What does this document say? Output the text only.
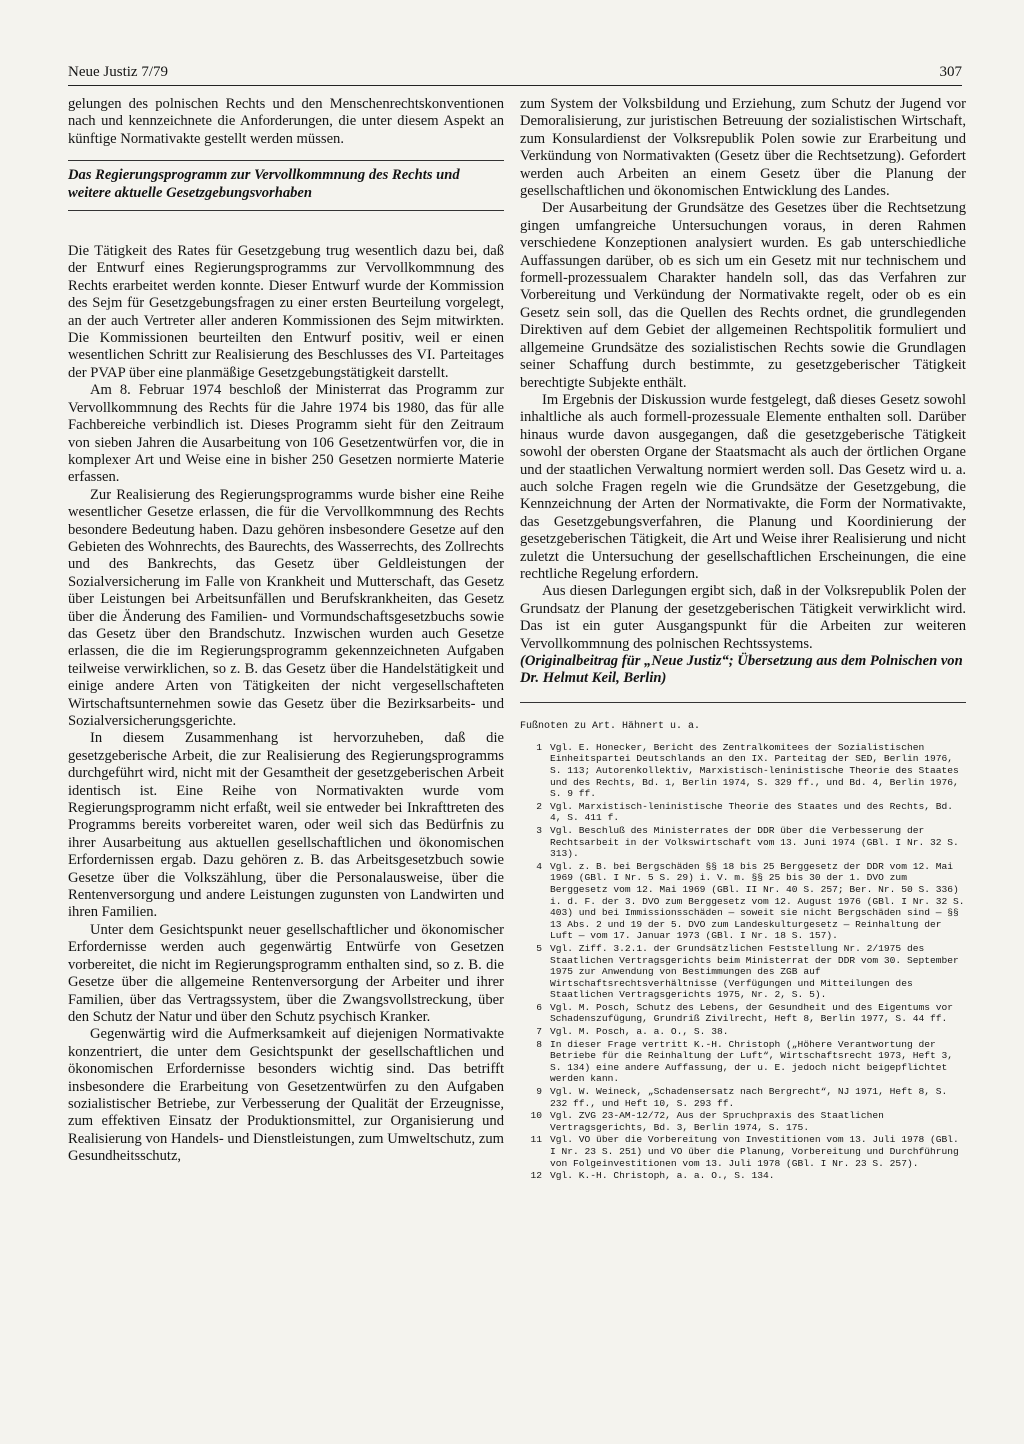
Neue Justiz 7/79	307

gelungen des polnischen Rechts und den Menschenrechtskonventionen nach und kennzeichnete die Anforderungen, die unter diesem Aspekt an künftige Normativakte gestellt werden müssen.

Das Regierungsprogramm zur Vervollkommnung des Rechts und weitere aktuelle Gesetzgebungsvorhaben

Die Tätigkeit des Rates für Gesetzgebung trug wesentlich dazu bei, daß der Entwurf eines Regierungsprogramms zur Vervollkommnung des Rechts erarbeitet werden konnte. Dieser Entwurf wurde der Kommission des Sejm für Gesetzgebungsfragen zu einer ersten Beurteilung vorgelegt, an der auch Vertreter aller anderen Kommissionen des Sejm mitwirkten. Die Kommissionen beurteilten den Entwurf positiv, weil er einen wesentlichen Schritt zur Realisierung des Beschlusses des VI. Parteitages der PVAP über eine planmäßige Gesetzgebungstätigkeit darstellt.

Am 8. Februar 1974 beschloß der Ministerrat das Programm zur Vervollkommnung des Rechts für die Jahre 1974 bis 1980, das für alle Fachbereiche verbindlich ist. Dieses Programm sieht für den Zeitraum von sieben Jahren die Ausarbeitung von 106 Gesetzentwürfen vor, die in komplexer Art und Weise eine in bisher 250 Gesetzen normierte Materie erfassen.

Zur Realisierung des Regierungsprogramms wurde bisher eine Reihe wesentlicher Gesetze erlassen, die für die Vervollkommnung des Rechts besondere Bedeutung haben. Dazu gehören insbesondere Gesetze auf den Gebieten des Wohnrechts, des Baurechts, des Wasserrechts, des Zollrechts und des Bankrechts, das Gesetz über Geldleistungen der Sozialversicherung im Falle von Krankheit und Mutterschaft, das Gesetz über Leistungen bei Arbeitsunfällen und Berufskrankheiten, das Gesetz über die Änderung des Familien- und Vormundschaftsgesetzbuchs sowie das Gesetz über den Brandschutz. Inzwischen wurden auch Gesetze erlassen, die die im Regierungsprogramm gekennzeichneten Aufgaben teilweise verwirklichen, so z. B. das Gesetz über die Handelstätigkeit und einige andere Arten von Tätigkeiten der nicht vergesellschafteten Wirtschaftsunternehmen sowie das Gesetz über die Bezirksarbeits- und Sozialversicherungsgerichte.

In diesem Zusammenhang ist hervorzuheben, daß die gesetzgeberische Arbeit, die zur Realisierung des Regierungsprogramms durchgeführt wird, nicht mit der Gesamtheit der gesetzgeberischen Arbeit identisch ist. Eine Reihe von Normativakten wurde vom Regierungsprogramm nicht erfaßt, weil sie entweder bei Inkrafttreten des Programms bereits vorbereitet waren, oder weil sich das Bedürfnis zu ihrer Ausarbeitung aus aktuellen gesellschaftlichen und ökonomischen Erfordernissen ergab. Dazu gehören z. B. das Arbeitsgesetzbuch sowie Gesetze über die Volkszählung, über die Personalausweise, über die Rentenversorgung und andere Leistungen zugunsten von Landwirten und ihren Familien.

Unter dem Gesichtspunkt neuer gesellschaftlicher und ökonomischer Erfordernisse werden auch gegenwärtig Entwürfe von Gesetzen vorbereitet, die nicht im Regierungsprogramm enthalten sind, so z. B. die Gesetze über die allgemeine Rentenversorgung der Arbeiter und ihrer Familien, über das Vertragssystem, über die Zwangsvollstreckung, über den Schutz der Natur und über den Schutz psychisch Kranker.

Gegenwärtig wird die Aufmerksamkeit auf diejenigen Normativakte konzentriert, die unter dem Gesichtspunkt der gesellschaftlichen und ökonomischen Erfordernisse besonders wichtig sind. Das betrifft insbesondere die Erarbeitung von Gesetzentwürfen zu den Aufgaben sozialistischer Betriebe, zur Verbesserung der Qualität der Erzeugnisse, zum effektiven Einsatz der Produktionsmittel, zur Organisierung und Realisierung von Handels- und Dienstleistungen, zum Umweltschutz, zum Gesundheitsschutz,

zum System der Volksbildung und Erziehung, zum Schutz der Jugend vor Demoralisierung, zur juristischen Betreuung der sozialistischen Wirtschaft, zum Konsulardienst der Volksrepublik Polen sowie zur Erarbeitung und Verkündung von Normativakten (Gesetz über die Rechtsetzung). Gefordert werden auch Arbeiten an einem Gesetz über die Planung der gesellschaftlichen und ökonomischen Entwicklung des Landes.

Der Ausarbeitung der Grundsätze des Gesetzes über die Rechtsetzung gingen umfangreiche Untersuchungen voraus, in deren Rahmen verschiedene Konzeptionen analysiert wurden. Es gab unterschiedliche Auffassungen darüber, ob es sich um ein Gesetz mit nur technischem und formell-prozessualem Charakter handeln soll, das das Verfahren zur Vorbereitung und Verkündung der Normativakte regelt, oder ob es ein Gesetz sein soll, das die Quellen des Rechts ordnet, die grundlegenden Direktiven auf dem Gebiet der allgemeinen Rechtspolitik formuliert und allgemeine Grundsätze des sozialistischen Rechts sowie die Grundlagen seiner Schaffung durch bestimmte, zu gesetzgeberischer Tätigkeit berechtigte Subjekte enthält.

Im Ergebnis der Diskussion wurde festgelegt, daß dieses Gesetz sowohl inhaltliche als auch formell-prozessuale Elemente enthalten soll. Darüber hinaus wurde davon ausgegangen, daß die gesetzgeberische Tätigkeit sowohl der obersten Organe der Staatsmacht als auch der örtlichen Organe und der staatlichen Verwaltung normiert werden soll. Das Gesetz wird u. a. auch solche Fragen regeln wie die Grundsätze der Gesetzgebung, die Kennzeichnung der Arten der Normativakte, die Form der Normativakte, das Gesetzgebungsverfahren, die Planung und Koordinierung der gesetzgeberischen Tätigkeit, die Art und Weise ihrer Realisierung und nicht zuletzt die Untersuchung der gesellschaftlichen Erscheinungen, die eine rechtliche Regelung erfordern.

Aus diesen Darlegungen ergibt sich, daß in der Volksrepublik Polen der Grundsatz der Planung der gesetzgeberischen Tätigkeit verwirklicht wird. Das ist ein guter Ausgangspunkt für die Arbeiten zur weiteren Vervollkommnung des polnischen Rechtssystems.

(Originalbeitrag für „Neue Justiz“; Übersetzung aus dem Polnischen von Dr. Helmut Keil, Berlin)

Fußnoten zu Art. Hähnert u. a.
1 Vgl. E. Honecker, Bericht des Zentralkomitees der Sozialistischen Einheitspartei Deutschlands an den IX. Parteitag der SED, Berlin 1976, S. 113; Autorenkollektiv, Marxistisch-leninistische Theorie des Staates und des Rechts, Bd. 1, Berlin 1974, S. 329 ff., und Bd. 4, Berlin 1976, S. 9 ff.
2 Vgl. Marxistisch-leninistische Theorie des Staates und des Rechts, Bd. 4, S. 411 f.
3 Vgl. Beschluß des Ministerrates der DDR über die Verbesserung der Rechtsarbeit in der Volkswirtschaft vom 13. Juni 1974 (GBl. I Nr. 32 S. 313).
4 Vgl. z. B. bei Bergschäden §§ 18 bis 25 Berggesetz der DDR vom 12. Mai 1969 (GBl. I Nr. 5 S. 29) i. V. m. §§ 25 bis 30 der 1. DVO zum Berggesetz vom 12. Mai 1969 (GBl. II Nr. 40 S. 257; Ber. Nr. 50 S. 336) i. d. F. der 3. DVO zum Berggesetz vom 12. August 1976 (GBl. I Nr. 32 S. 403) und bei Immissionsschäden — soweit sie nicht Bergschäden sind — §§ 13 Abs. 2 und 19 der 5. DVO zum Landeskulturgesetz — Reinhaltung der Luft — vom 17. Januar 1973 (GBl. I Nr. 18 S. 157).
5 Vgl. Ziff. 3.2.1. der Grundsätzlichen Feststellung Nr. 2/1975 des Staatlichen Vertragsgerichts beim Ministerrat der DDR vom 30. September 1975 zur Anwendung von Bestimmungen des ZGB auf Wirtschaftsrechtsverhältnisse (Verfügungen und Mitteilungen des Staatlichen Vertragsgerichts 1975, Nr. 2, S. 5).
6 Vgl. M. Posch, Schutz des Lebens, der Gesundheit und des Eigentums vor Schadenszufügung, Grundriß Zivilrecht, Heft 8, Berlin 1977, S. 44 ff.
7 Vgl. M. Posch, a. a. O., S. 38.
8 In dieser Frage vertritt K.-H. Christoph („Höhere Verantwortung der Betriebe für die Reinhaltung der Luft“, Wirtschaftsrecht 1973, Heft 3, S. 134) eine andere Auffassung, der u. E. jedoch nicht beigepflichtet werden kann.
9 Vgl. W. Weineck, „Schadensersatz nach Bergrecht“, NJ 1971, Heft 8, S. 232 ff., und Heft 10, S. 293 ff.
10 Vgl. ZVG 23-AM-12/72, Aus der Spruchpraxis des Staatlichen Vertragsgerichts, Bd. 3, Berlin 1974, S. 175.
11 Vgl. VO über die Vorbereitung von Investitionen vom 13. Juli 1978 (GBl. I Nr. 23 S. 251) und VO über die Planung, Vorbereitung und Durchführung von Folgeinvestitionen vom 13. Juli 1978 (GBl. I Nr. 23 S. 257).
12 Vgl. K.-H. Christoph, a. a. O., S. 134.
